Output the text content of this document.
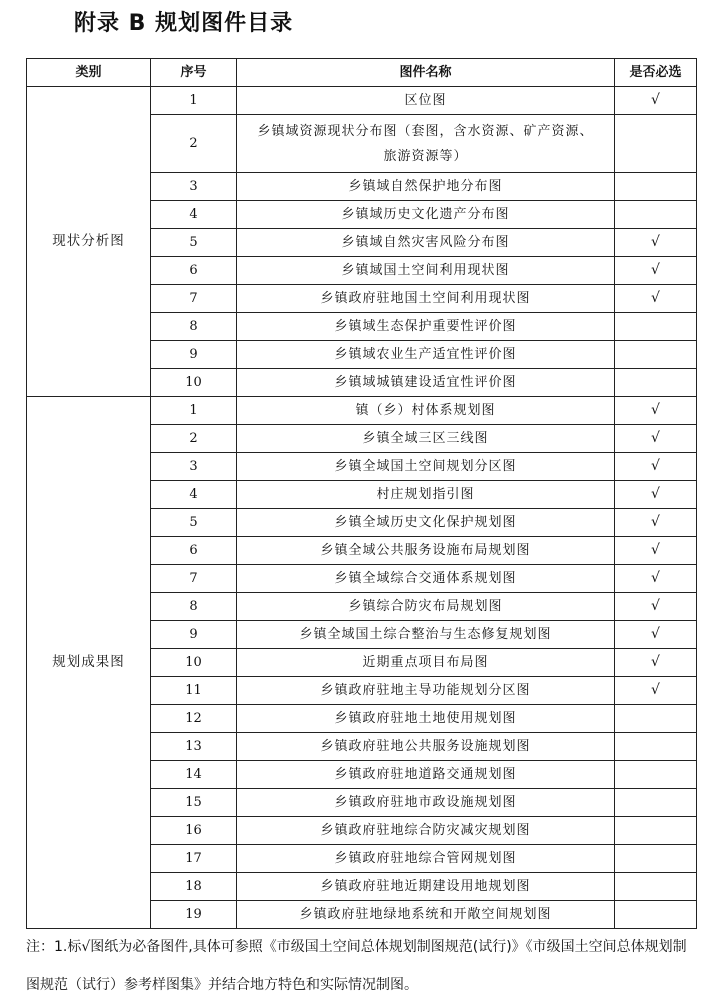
附录 B 规划图件目录
类别	序号	图件名称	是否必选
现状分析图	1	区位图	√
	2	乡镇域资源现状分布图（套图，含水资源、矿产资源、旅游资源等）	
	3	乡镇域自然保护地分布图	
	4	乡镇域历史文化遗产分布图	
	5	乡镇域自然灾害风险分布图	√
	6	乡镇域国土空间利用现状图	√
	7	乡镇政府驻地国土空间利用现状图	√
	8	乡镇域生态保护重要性评价图	
	9	乡镇域农业生产适宜性评价图	
	10	乡镇域城镇建设适宜性评价图	
规划成果图	1	镇（乡）村体系规划图	√
	2	乡镇全域三区三线图	√
	3	乡镇全域国土空间规划分区图	√
	4	村庄规划指引图	√
	5	乡镇全域历史文化保护规划图	√
	6	乡镇全域公共服务设施布局规划图	√
	7	乡镇全域综合交通体系规划图	√
	8	乡镇综合防灾布局规划图	√
	9	乡镇全域国土综合整治与生态修复规划图	√
	10	近期重点项目布局图	√
	11	乡镇政府驻地主导功能规划分区图	√
	12	乡镇政府驻地土地使用规划图	
	13	乡镇政府驻地公共服务设施规划图	
	14	乡镇政府驻地道路交通规划图	
	15	乡镇政府驻地市政设施规划图	
	16	乡镇政府驻地综合防灾减灾规划图	
	17	乡镇政府驻地综合管网规划图	
	18	乡镇政府驻地近期建设用地规划图	
	19	乡镇政府驻地绿地系统和开敞空间规划图	
注：1.标√图纸为必备图件,具体可参照《市级国土空间总体规划制图规范(试行)》《市级国土空间总体规划制图规范（试行）参考样图集》并结合地方特色和实际情况制图。
